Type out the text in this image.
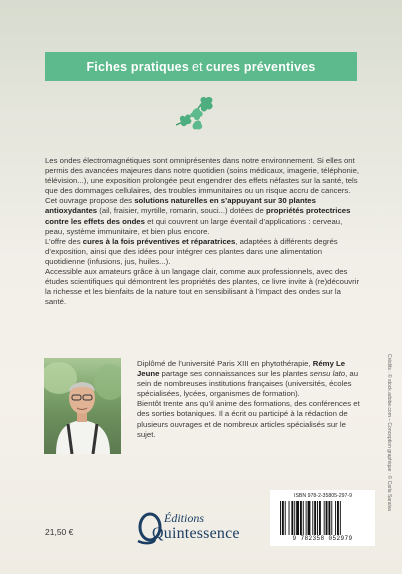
Fiches pratiques et cures préventives

Les ondes électromagnétiques sont omniprésentes dans notre environnement. Si elles ont permis des avancées majeures dans notre quotidien (soins médicaux, imagerie, téléphonie, télévision...), une exposition prolongée peut engendrer des effets néfastes sur la santé, tels que des dommages cellulaires, des troubles immunitaires ou un risque accru de cancers.

Cet ouvrage propose des solutions naturelles en s’appuyant sur 30 plantes antioxydantes (ail, fraisier, myrtille, romarin, souci...) dotées de propriétés protectrices contre les effets des ondes et qui couvrent un large éventail d’applications : cerveau, peau, système immunitaire, et bien plus encore.

L’offre des cures à la fois préventives et réparatrices, adaptées à différents degrés d’exposition, ainsi que des idées pour intégrer ces plantes dans une alimentation quotidienne (infusions, jus, huiles...).

Accessible aux amateurs grâce à un langage clair, comme aux professionnels, avec des études scientifiques qui démontrent les propriétés des plantes, ce livre invite à (re)découvrir la richesse et les bienfaits de la nature tout en sensibilisant à l’impact des ondes sur la santé.

Diplômé de l’université Paris XIII en phytothérapie, Rémy Le Jeune partage ses connaissances sur les plantes sensu lato, au sein de nombreuses institutions françaises (universités, écoles spécialisées, lycées, organismes de formation).

Bientôt trente ans qu’il anime des formations, des conférences et des sorties botaniques. Il a écrit ou participé à la rédaction de plusieurs ouvrages et de nombreux articles spécialisés sur le sujet.

21,50 €
Éditions
Quintessence
ISBN 978-2-35805-297-9
9 782358 052979
Crédits : © stock.adobe.com – Conception graphique : © Carla Saraiva
